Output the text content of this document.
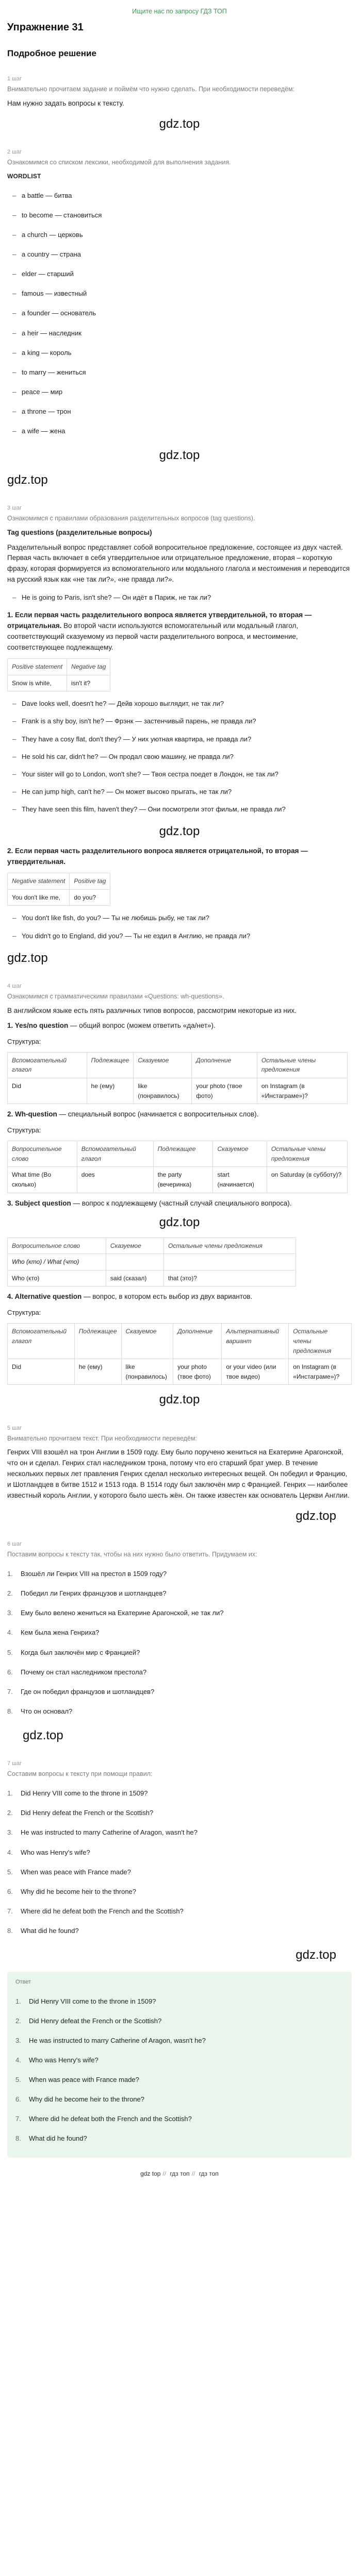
Ищите нас по запросу ГДЗ ТОП
Упражнение 31
Подробное решение
1 шаг
Внимательно прочитаем задание и поймём что нужно сделать. При необходимости переведём:

Нам нужно задать вопросы к тексту.

gdz.top
2 шаг
Ознакомимся со списком лексики, необходимой для выполнения задания.
WORDLIST
– a battle — битва
– to become — становиться
– a church — церковь
– a country — страна
– elder — старший
– famous — известный
– a founder — основатель
– a heir — наследник
– a king — король
– to marry — жениться
– peace — мир
– a throne — трон
– a wife — жена
gdz.top
gdz.top
3 шаг
Ознакомимся с правилами образования разделительных вопросов (tag questions).

Tag questions (разделительные вопросы)

Разделительный вопрос представляет собой вопросительное предложение, состоящее из двух частей. Первая часть включает в себя утвердительное или отрицательное предложение, вторая – короткую фразу, которая формируется из вспомогательного или модального глагола и местоимения и переводится на русский язык как «не так ли?», «не правда ли?».

– He is going to Paris, isn't she? — Он идёт в Париж, не так ли?

1. Если первая часть разделительного вопроса является утвердительной, то вторая — отрицательная. Во второй части используются вспомогательный или модальный глагол, соответствующий сказуемому из первой части разделительного вопроса, и местоимение, соответствующее подлежащему.

Positive statement	Negative tag
Snow is white,	isn't it?
– Dave looks well, doesn't he? — Дейв хорошо выглядит, не так ли?
– Frank is a shy boy, isn't he? — Фрэнк — застенчивый парень, не правда ли?
– They have a cosy flat, don't they? — У них уютная квартира, не правда ли?
– He sold his car, didn't he? — Он продал свою машину, не правда ли?
– Your sister will go to London, won't she? — Твоя сестра поедет в Лондон, не так ли?
– He can jump high, can't he? — Он может высоко прыгать, не так ли?
– They have seen this film, haven't they? — Они посмотрели этот фильм, не правда ли?
gdz.top

2. Если первая часть разделительного вопроса является отрицательной, то вторая — утвердительная.

Negative statement	Positive tag
You don't like me,	do you?
– You don't like fish, do you? — Ты не любишь рыбу, не так ли?
– You didn't go to England, did you? — Ты не ездил в Англию, не правда ли?
gdz.top
4 шаг
Ознакомимся с грамматическими правилами «Questions: wh-questions».

В английском языке есть пять различных типов вопросов, рассмотрим некоторые из них.

1. Yes/no question — общий вопрос (можем ответить «да/нет»).

Структура:
Вспомогательный глагол	Подлежащее	Сказуемое	Дополнение	Остальные члены предложения
Did	he (ему)	like (понравилось)	your photo (твое фото)	on Instagram (в «Инстаграме»)?

2. Wh-question — специальный вопрос (начинается с вопросительных слов).

Структура:
Вопросительное слово	Вспомогательный глагол	Подлежащее	Сказуемое	Остальные члены предложения
What time (Во сколько)	does	the party (вечеринка)	start (начинается)	on Saturday (в субботу)?

3. Subject question — вопрос к подлежащему (частный случай специального вопроса).

gdz.top
Вопросительное слово	Сказуемое	Остальные члены предложения
Who (кто) / What (что)		
Who (кто)	said (сказал)	that (это)?

4. Alternative question — вопрос, в котором есть выбор из двух вариантов.

Структура:
Вспомогательный глагол	Подлежащее	Сказуемое	Дополнение	Альтернативный вариант	Остальные члены предложения
Did	he (ему)	like (понравилось)	your photo (твое фото)	or your video (или твое видео)	on Instagram (в «Инстаграме»)?
gdz.top
5 шаг
Внимательно прочитаем текст. При необходимости переведём:

Генрих VIII взошёл на трон Англии в 1509 году. Ему было поручено жениться на Екатерине Арагонской, что он и сделал. Генрих стал наследником трона, потому что его старший брат умер. В течение нескольких первых лет правления Генрих сделал несколько интересных вещей. Он победил и Францию, и Шотландцев в битве 1512 и 1513 года. В 1514 году был заключён мир с Францией. Генрих — наиболее известный король Англии, у которого было шесть жён. Он также известен как основатель Церкви Англии.

gdz.top
6 шаг
Поставим вопросы к тексту так, чтобы на них нужно было ответить. Придумаем их:
1.	Взошёл ли Генрих VIII на престол в 1509 году?
2.	Победил ли Генрих французов и шотландцев?
3.	Ему было велено жениться на Екатерине Арагонской, не так ли?
4.	Кем была жена Генриха?
5.	Когда был заключён мир с Францией?
6.	Почему он стал наследником престола?
7.	Где он победил французов и шотландцев?
8.	Что он основал?
gdz.top
7 шаг
Составим вопросы к тексту при помощи правил:
1.	Did Henry VIII come to the throne in 1509?
2.	Did Henry defeat the French or the Scottish?
3.	He was instructed to marry Catherine of Aragon, wasn't he?
4.	Who was Henry's wife?
5.	When was peace with France made?
6.	Why did he become heir to the throne?
7.	Where did he defeat both the French and the Scottish?
8.	What did he found?
gdz.top
Ответ
1.	Did Henry VIII come to the throne in 1509?
2.	Did Henry defeat the French or the Scottish?
3.	He was instructed to marry Catherine of Aragon, wasn't he?
4.	Who was Henry's wife?
5.	When was peace with France made?
6.	Why did he become heir to the throne?
7.	Where did he defeat both the French and the Scottish?
8.	What did he found?
gdz top // гдз топ // гдз топ
